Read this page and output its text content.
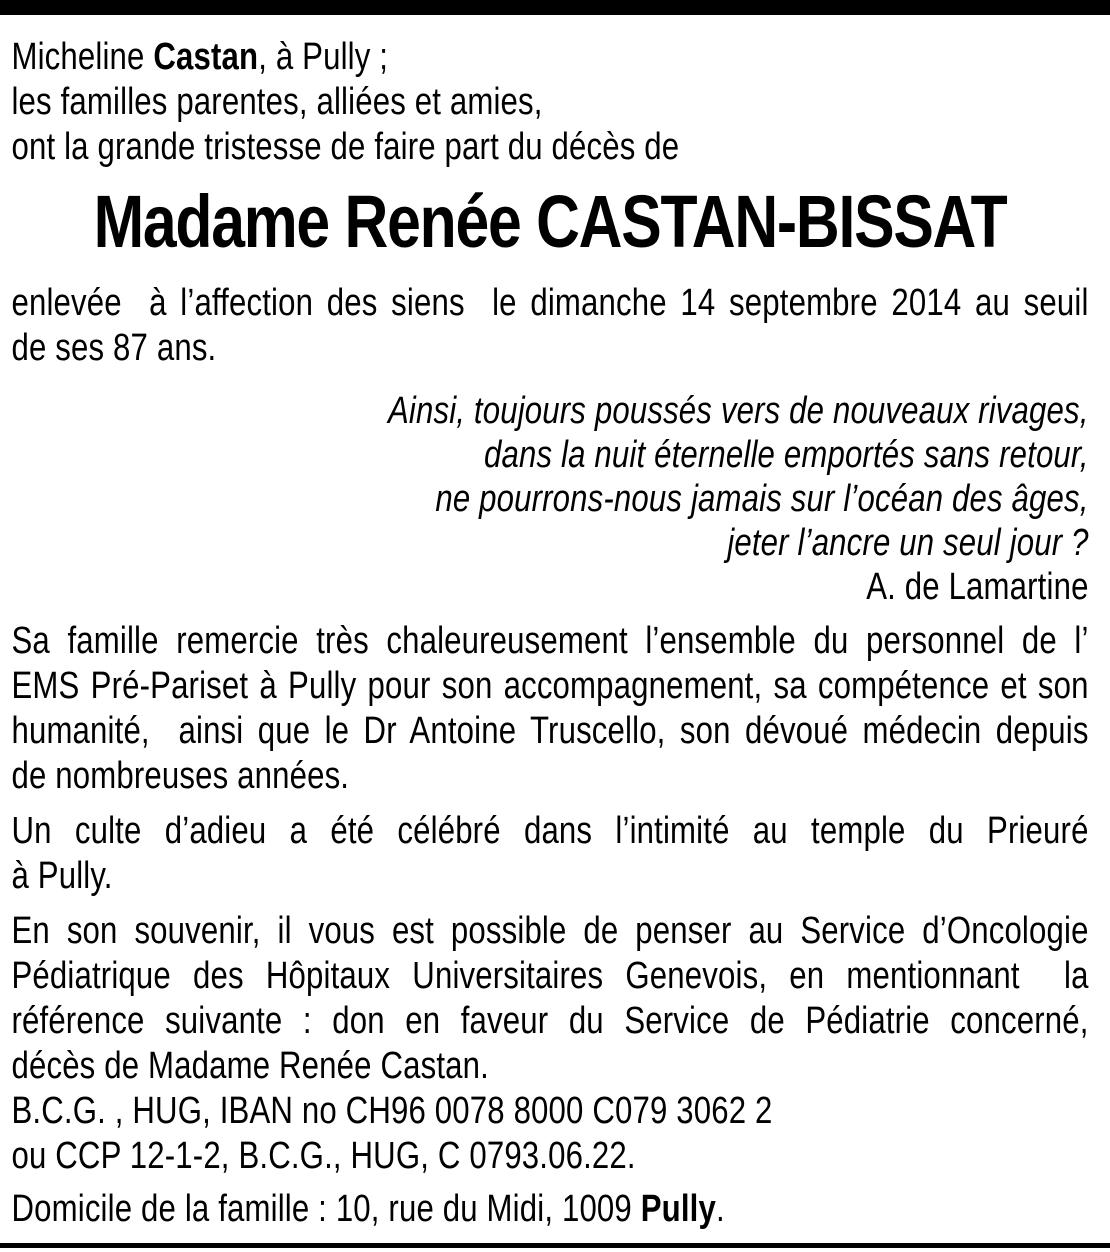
Micheline Castan, à Pully ;
les familles parentes, alliées et amies,
ont la grande tristesse de faire part du décès de
Madame Renée CASTAN-BISSAT
enlevée  à l’affection des siens  le dimanche 14 septembre 2014 au seuil
de ses 87 ans.
Ainsi, toujours poussés vers de nouveaux rivages,
dans la nuit éternelle emportés sans retour,
ne pourrons-nous jamais sur l’océan des âges,
jeter l’ancre un seul jour ?
A. de Lamartine
Sa famille remercie très chaleureusement l’ensemble du personnel de l’
EMS Pré-Pariset à Pully pour son accompagnement, sa compétence et son
humanité,  ainsi que le Dr Antoine Truscello, son dévoué médecin depuis
de nombreuses années.
Un culte d’adieu a été célébré dans l’intimité au temple du Prieuré
à Pully.
En son souvenir, il vous est possible de penser au Service d’Oncologie
Pédiatrique des Hôpitaux Universitaires Genevois, en mentionnant  la
référence suivante : don en faveur du Service de Pédiatrie concerné,
décès de Madame Renée Castan.
B.C.G. , HUG, IBAN no CH96 0078 8000 C079 3062 2
ou CCP 12-1-2, B.C.G., HUG, C 0793.06.22.
Domicile de la famille : 10, rue du Midi, 1009 Pully.
